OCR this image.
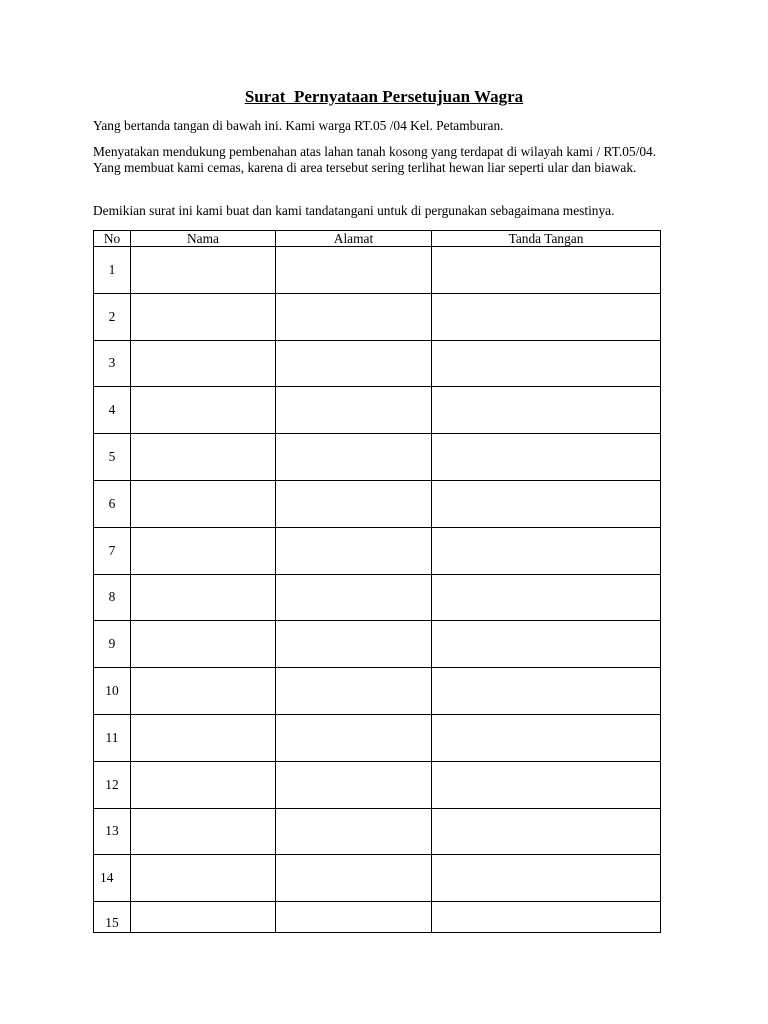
Surat  Pernyataan Persetujuan Wagra
Yang bertanda tangan di bawah ini. Kami warga RT.05 /04 Kel. Petamburan.
Menyatakan mendukung pembenahan atas lahan tanah kosong yang terdapat di wilayah kami / RT.05/04. Yang membuat kami cemas, karena di area tersebut sering terlihat hewan liar seperti ular dan biawak.
Demikian surat ini kami buat dan kami tandatangani untuk di pergunakan sebagaimana mestinya.
No	Nama	Alamat	Tanda Tangan
1			
2			
3			
4			
5			
6			
7			
8			
9			
10			
11			
12			
13			
14			
15			
